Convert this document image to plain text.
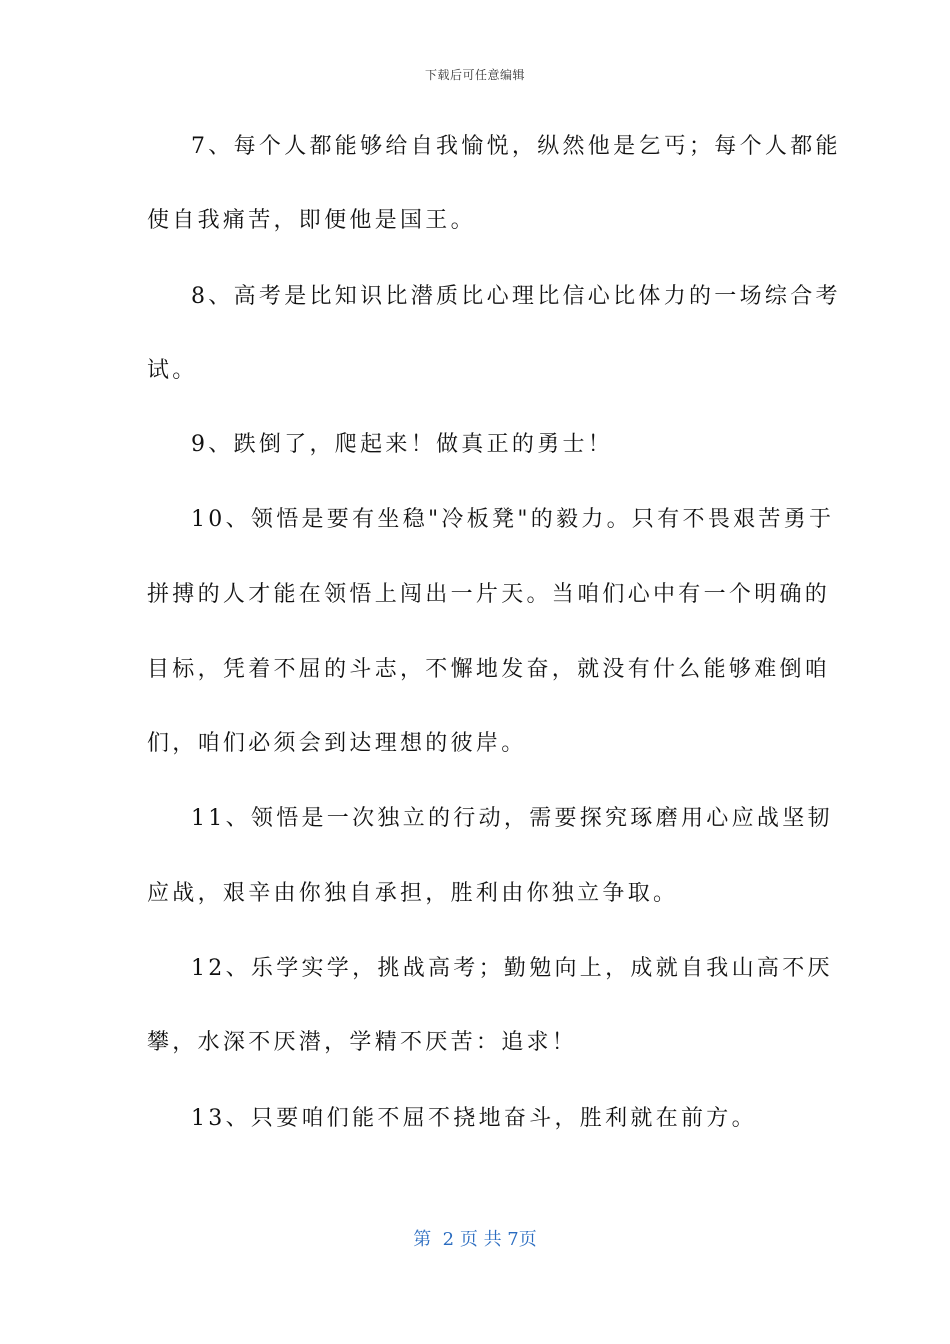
下载后可任意编辑
7、每个人都能够给自我愉悦，纵然他是乞丐；每个人都能
使自我痛苦，即便他是国王。
8、高考是比知识比潜质比心理比信心比体力的一场综合考
试。
9、跌倒了，爬起来！做真正的勇士！
10、领悟是要有坐稳"冷板凳"的毅力。只有不畏艰苦勇于
拼搏的人才能在领悟上闯出一片天。当咱们心中有一个明确的
目标，凭着不屈的斗志，不懈地发奋，就没有什么能够难倒咱
们，咱们必须会到达理想的彼岸。
11、领悟是一次独立的行动，需要探究琢磨用心应战坚韧
应战，艰辛由你独自承担，胜利由你独立争取。
12、乐学实学，挑战高考；勤勉向上，成就自我山高不厌
攀，水深不厌潜，学精不厌苦：追求！
13、只要咱们能不屈不挠地奋斗，胜利就在前方。
第  2 页 共 7页
